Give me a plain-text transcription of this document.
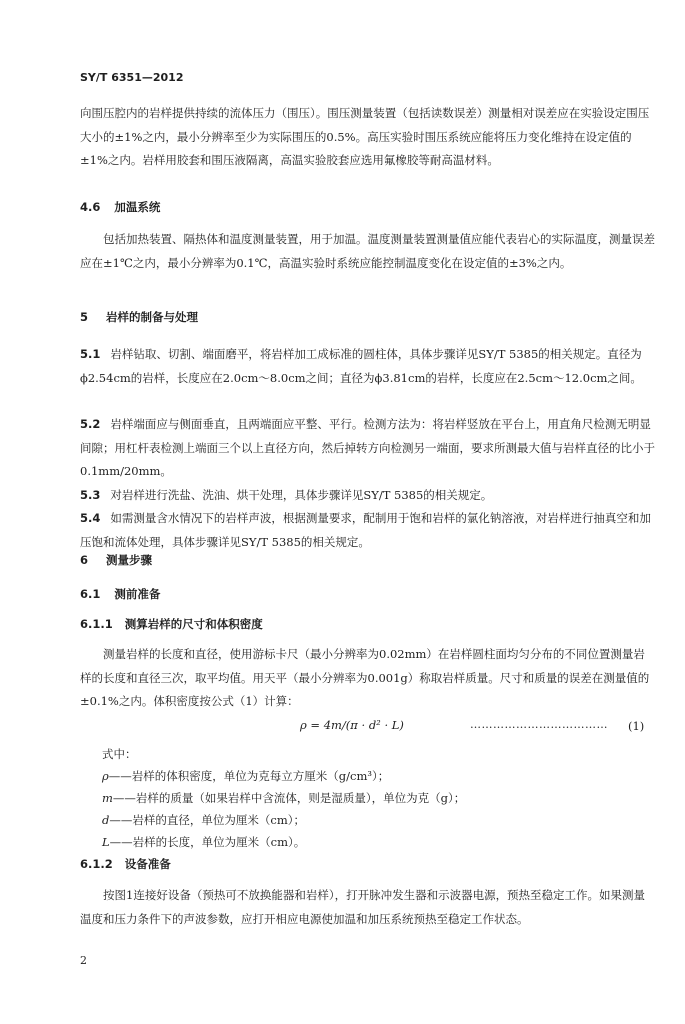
SY/T 6351—2012
向围压腔内的岩样提供持续的流体压力（围压）。围压测量装置（包括读数误差）测量相对误差应在实验设定围压大小的±1%之内，最小分辨率至少为实际围压的0.5%。高压实验时围压系统应能将压力变化维持在设定值的±1%之内。岩样用胶套和围压液隔离，高温实验胶套应选用氟橡胶等耐高温材料。
4.6 加温系统
包括加热装置、隔热体和温度测量装置，用于加温。温度测量装置测量值应能代表岩心的实际温度，测量误差应在±1℃之内，最小分辨率为0.1℃，高温实验时系统应能控制温度变化在设定值的±3%之内。
5 岩样的制备与处理
5.1 岩样钻取、切割、端面磨平，将岩样加工成标准的圆柱体，具体步骤详见SY/T 5385的相关规定。直径为ϕ2.54cm的岩样，长度应在2.0cm～8.0cm之间；直径为ϕ3.81cm的岩样，长度应在2.5cm～12.0cm之间。
5.2 岩样端面应与侧面垂直，且两端面应平整、平行。检测方法为：将岩样竖放在平台上，用直角尺检测无明显间隙；用杠杆表检测上端面三个以上直径方向，然后掉转方向检测另一端面，要求所测最大值与岩样直径的比小于0.1mm/20mm。
5.3 对岩样进行洗盐、洗油、烘干处理，具体步骤详见SY/T 5385的相关规定。
5.4 如需测量含水情况下的岩样声波，根据测量要求，配制用于饱和岩样的氯化钠溶液，对岩样进行抽真空和加压饱和流体处理，具体步骤详见SY/T 5385的相关规定。
6 测量步骤
6.1 测前准备
6.1.1 测算岩样的尺寸和体积密度
测量岩样的长度和直径，使用游标卡尺（最小分辨率为0.02mm）在岩样圆柱面均匀分布的不同位置测量岩样的长度和直径三次，取平均值。用天平（最小分辨率为0.001g）称取岩样质量。尺寸和质量的误差在测量值的±0.1%之内。体积密度按公式（1）计算：
ρ = 4m/(π · d² · L)	……………………………… (1)
式中：
ρ——岩样的体积密度，单位为克每立方厘米（g/cm³）；
m——岩样的质量（如果岩样中含流体，则是湿质量），单位为克（g）；
d——岩样的直径，单位为厘米（cm）；
L——岩样的长度，单位为厘米（cm）。
6.1.2 设备准备
按图1连接好设备（预热可不放换能器和岩样），打开脉冲发生器和示波器电源，预热至稳定工作。如果测量温度和压力条件下的声波参数，应打开相应电源使加温和加压系统预热至稳定工作状态。
2
